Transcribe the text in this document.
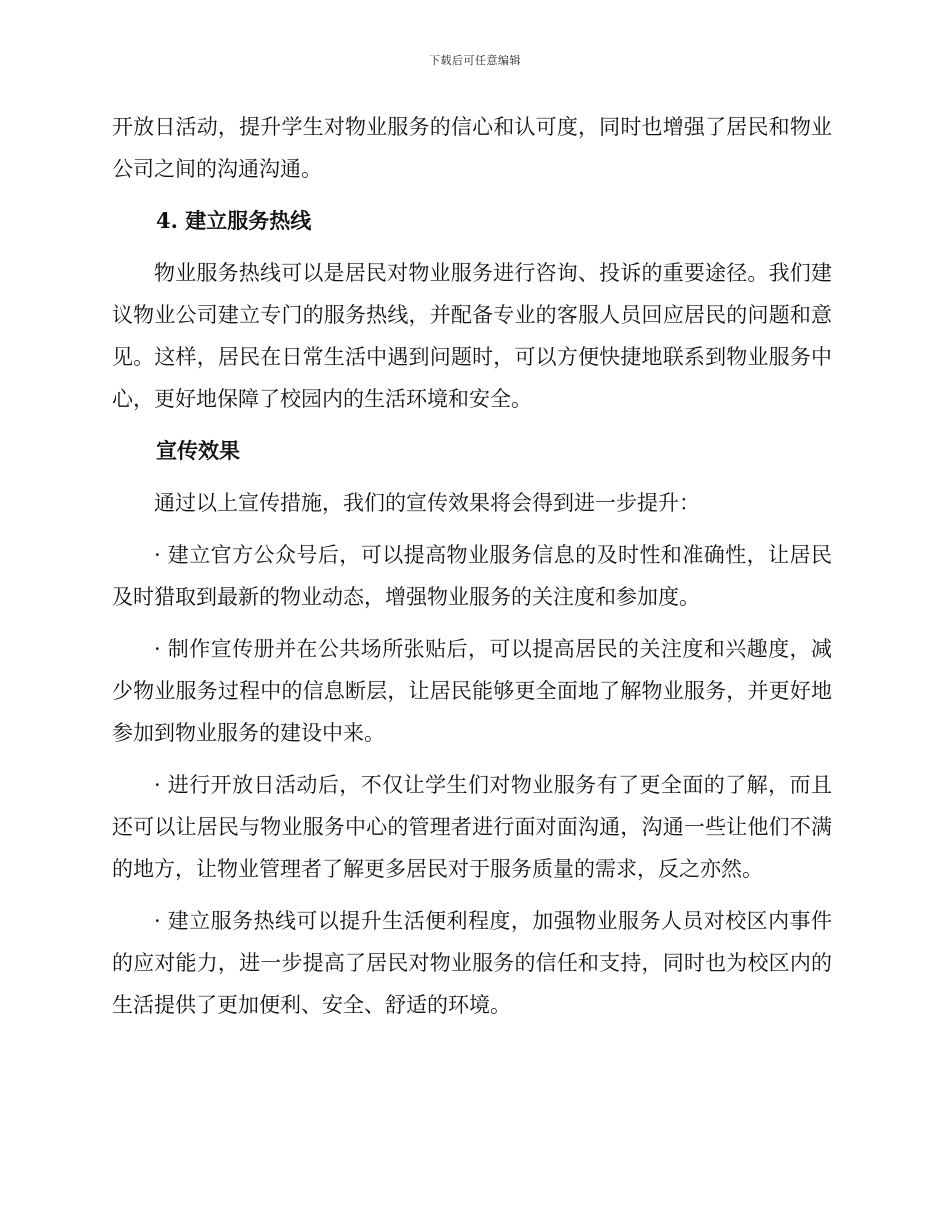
下载后可任意编辑

开放日活动，提升学生对物业服务的信心和认可度，同时也增强了居民和物业公司之间的沟通沟通。

4. 建立服务热线

物业服务热线可以是居民对物业服务进行咨询、投诉的重要途径。我们建议物业公司建立专门的服务热线，并配备专业的客服人员回应居民的问题和意见。这样，居民在日常生活中遇到问题时，可以方便快捷地联系到物业服务中心，更好地保障了校园内的生活环境和安全。

宣传效果

通过以上宣传措施，我们的宣传效果将会得到进一步提升：

· 建立官方公众号后，可以提高物业服务信息的及时性和准确性，让居民及时猎取到最新的物业动态，增强物业服务的关注度和参加度。

· 制作宣传册并在公共场所张贴后，可以提高居民的关注度和兴趣度，减少物业服务过程中的信息断层，让居民能够更全面地了解物业服务，并更好地参加到物业服务的建设中来。

· 进行开放日活动后，不仅让学生们对物业服务有了更全面的了解，而且还可以让居民与物业服务中心的管理者进行面对面沟通，沟通一些让他们不满的地方，让物业管理者了解更多居民对于服务质量的需求，反之亦然。

· 建立服务热线可以提升生活便利程度，加强物业服务人员对校区内事件的应对能力，进一步提高了居民对物业服务的信任和支持，同时也为校区内的生活提供了更加便利、安全、舒适的环境。
